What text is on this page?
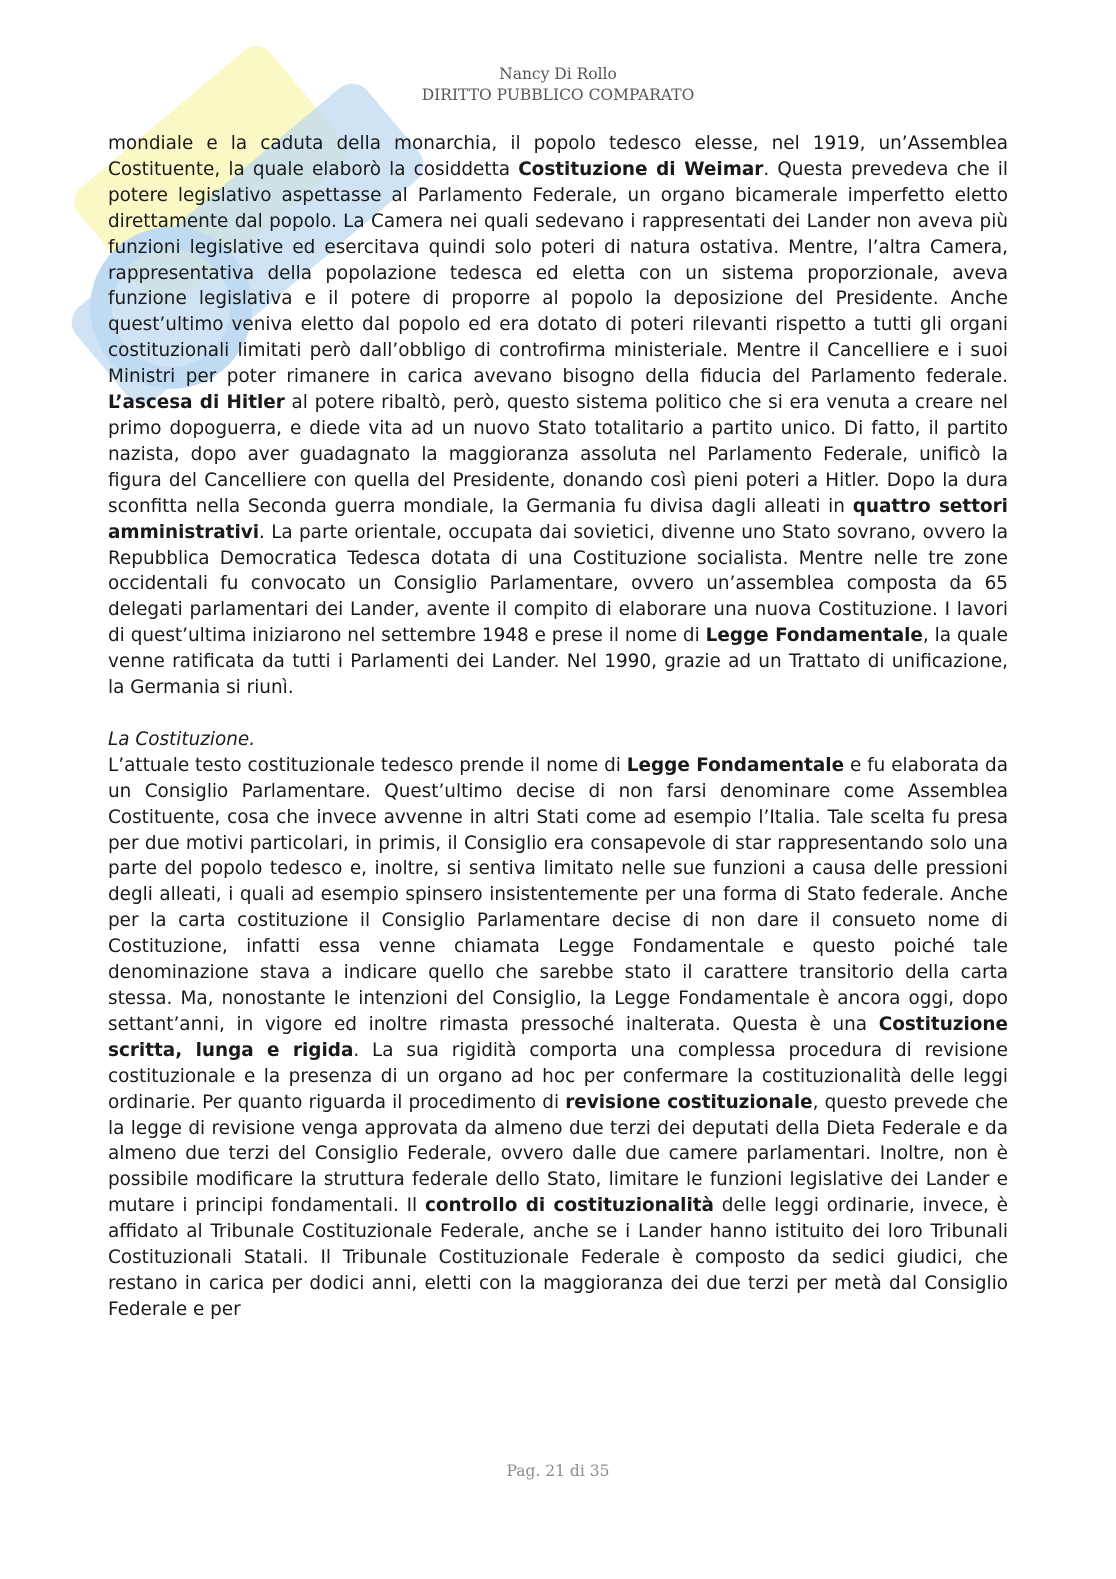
Nancy Di Rollo
DIRITTO PUBBLICO COMPARATO

mondiale e la caduta della monarchia, il popolo tedesco elesse, nel 1919, un’Assemblea Costituente, la quale elaborò la cosiddetta Costituzione di Weimar. Questa prevedeva che il potere legislativo aspettasse al Parlamento Federale, un organo bicamerale imperfetto eletto direttamente dal popolo. La Camera nei quali sedevano i rappresentati dei Lander non aveva più funzioni legislative ed esercitava quindi solo poteri di natura ostativa. Mentre, l’altra Camera, rappresentativa della popolazione tedesca ed eletta con un sistema proporzionale, aveva funzione legislativa e il potere di proporre al popolo la deposizione del Presidente. Anche quest’ultimo veniva eletto dal popolo ed era dotato di poteri rilevanti rispetto a tutti gli organi costituzionali limitati però dall’obbligo di controfirma ministeriale. Mentre il Cancelliere e i suoi Ministri per poter rimanere in carica avevano bisogno della fiducia del Parlamento federale. L’ascesa di Hitler al potere ribaltò, però, questo sistema politico che si era venuta a creare nel primo dopoguerra, e diede vita ad un nuovo Stato totalitario a partito unico. Di fatto, il partito nazista, dopo aver guadagnato la maggioranza assoluta nel Parlamento Federale, unificò la figura del Cancelliere con quella del Presidente, donando così pieni poteri a Hitler. Dopo la dura sconfitta nella Seconda guerra mondiale, la Germania fu divisa dagli alleati in quattro settori amministrativi. La parte orientale, occupata dai sovietici, divenne uno Stato sovrano, ovvero la Repubblica Democratica Tedesca dotata di una Costituzione socialista. Mentre nelle tre zone occidentali fu convocato un Consiglio Parlamentare, ovvero un’assemblea composta da 65 delegati parlamentari dei Lander, avente il compito di elaborare una nuova Costituzione. I lavori di quest’ultima iniziarono nel settembre 1948 e prese il nome di Legge Fondamentale, la quale venne ratificata da tutti i Parlamenti dei Lander. Nel 1990, grazie ad un Trattato di unificazione, la Germania si riunì.

La Costituzione.

L’attuale testo costituzionale tedesco prende il nome di Legge Fondamentale e fu elaborata da un Consiglio Parlamentare. Quest’ultimo decise di non farsi denominare come Assemblea Costituente, cosa che invece avvenne in altri Stati come ad esempio l’Italia. Tale scelta fu presa per due motivi particolari, in primis, il Consiglio era consapevole di star rappresentando solo una parte del popolo tedesco e, inoltre, si sentiva limitato nelle sue funzioni a causa delle pressioni degli alleati, i quali ad esempio spinsero insistentemente per una forma di Stato federale. Anche per la carta costituzione il Consiglio Parlamentare decise di non dare il consueto nome di Costituzione, infatti essa venne chiamata Legge Fondamentale e questo poiché tale denominazione stava a indicare quello che sarebbe stato il carattere transitorio della carta stessa. Ma, nonostante le intenzioni del Consiglio, la Legge Fondamentale è ancora oggi, dopo settant’anni, in vigore ed inoltre rimasta pressoché inalterata. Questa è una Costituzione scritta, lunga e rigida. La sua rigidità comporta una complessa procedura di revisione costituzionale e la presenza di un organo ad hoc per confermare la costituzionalità delle leggi ordinarie. Per quanto riguarda il procedimento di revisione costituzionale, questo prevede che la legge di revisione venga approvata da almeno due terzi dei deputati della Dieta Federale e da almeno due terzi del Consiglio Federale, ovvero dalle due camere parlamentari. Inoltre, non è possibile modificare la struttura federale dello Stato, limitare le funzioni legislative dei Lander e mutare i principi fondamentali. Il controllo di costituzionalità delle leggi ordinarie, invece, è affidato al Tribunale Costituzionale Federale, anche se i Lander hanno istituito dei loro Tribunali Costituzionali Statali. Il Tribunale Costituzionale Federale è composto da sedici giudici, che restano in carica per dodici anni, eletti con la maggioranza dei due terzi per metà dal Consiglio Federale e per

Pag. 21 di 35
